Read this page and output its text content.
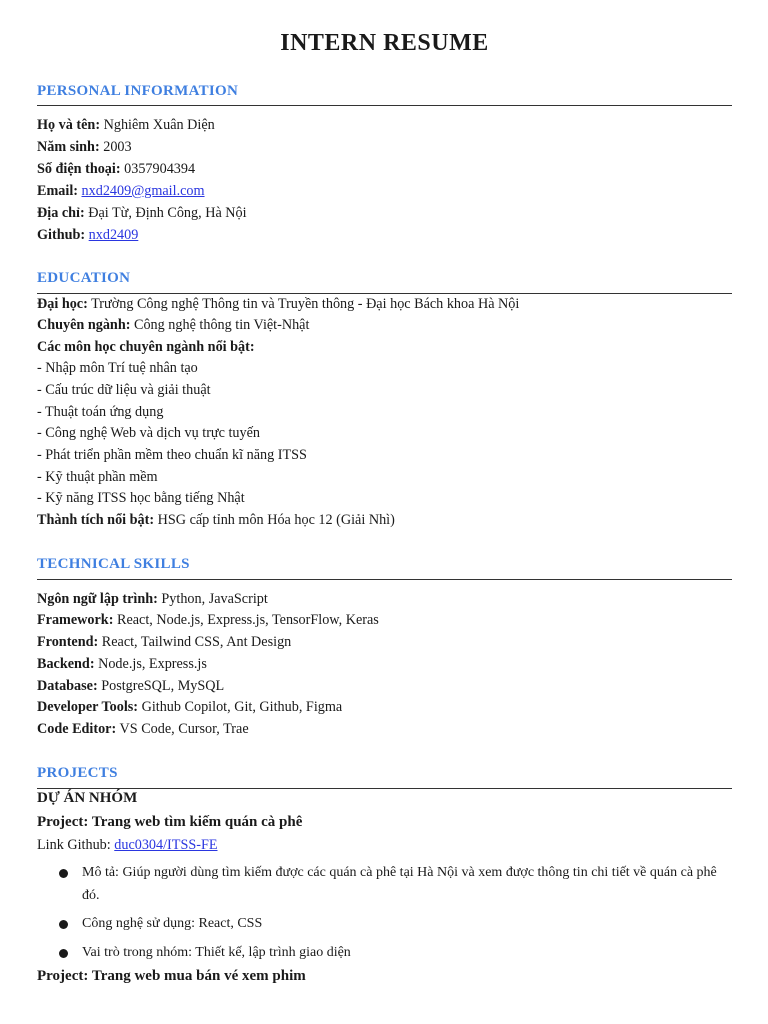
INTERN RESUME
PERSONAL INFORMATION
Họ và tên: Nghiêm Xuân Diện
Năm sinh: 2003
Số điện thoại: 0357904394
Email: nxd2409@gmail.com
Địa chỉ: Đại Từ, Định Công, Hà Nội
Github: nxd2409
EDUCATION
Đại học: Trường Công nghệ Thông tin và Truyền thông - Đại học Bách khoa Hà Nội
Chuyên ngành: Công nghệ thông tin Việt-Nhật
Các môn học chuyên ngành nổi bật:
- Nhập môn Trí tuệ nhân tạo
- Cấu trúc dữ liệu và giải thuật
- Thuật toán ứng dụng
- Công nghệ Web và dịch vụ trực tuyến
- Phát triển phần mềm theo chuẩn kĩ năng ITSS
- Kỹ thuật phần mềm
- Kỹ năng ITSS học bằng tiếng Nhật
Thành tích nổi bật: HSG cấp tỉnh môn Hóa học 12 (Giải Nhì)
TECHNICAL SKILLS
Ngôn ngữ lập trình: Python, JavaScript
Framework: React, Node.js, Express.js, TensorFlow, Keras
Frontend: React, Tailwind CSS, Ant Design
Backend: Node.js, Express.js
Database: PostgreSQL, MySQL
Developer Tools: Github Copilot, Git, Github, Figma
Code Editor: VS Code, Cursor, Trae
PROJECTS
DỰ ÁN NHÓM
Project: Trang web tìm kiếm quán cà phê
Link Github: duc0304/ITSS-FE
Mô tả: Giúp người dùng tìm kiếm được các quán cà phê tại Hà Nội và xem được thông tin chi tiết về quán cà phê đó.
Công nghệ sử dụng: React, CSS
Vai trò trong nhóm: Thiết kế, lập trình giao diện
Project: Trang web mua bán vé xem phim
